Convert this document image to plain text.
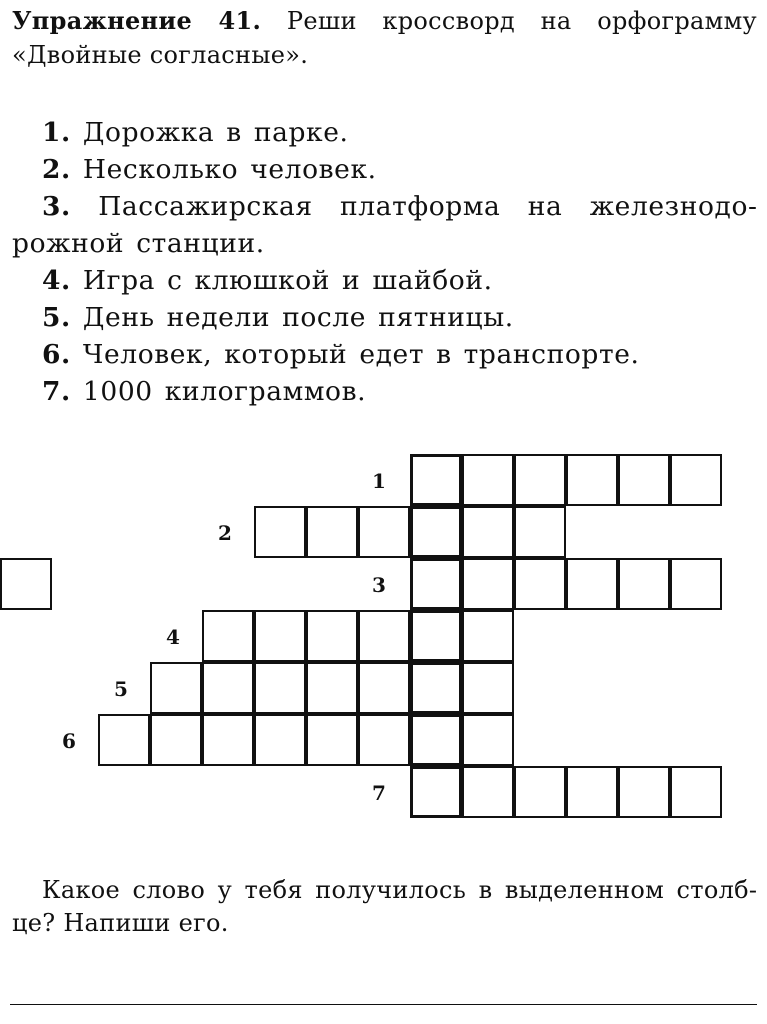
Упражнение 41. Реши кроссворд на орфограмму «Двойные согласные».
1. Дорожка в парке.
2. Несколько человек.
3. Пассажирская платформа на железнодорожной станции.
4. Игра с клюшкой и шайбой.
5. День недели после пятницы.
6. Человек, который едет в транспорте.
7. 1000 килограммов.
1
2
3
4
5
6
7
Какое слово у тебя получилось в выделенном столбце? Напиши его.
